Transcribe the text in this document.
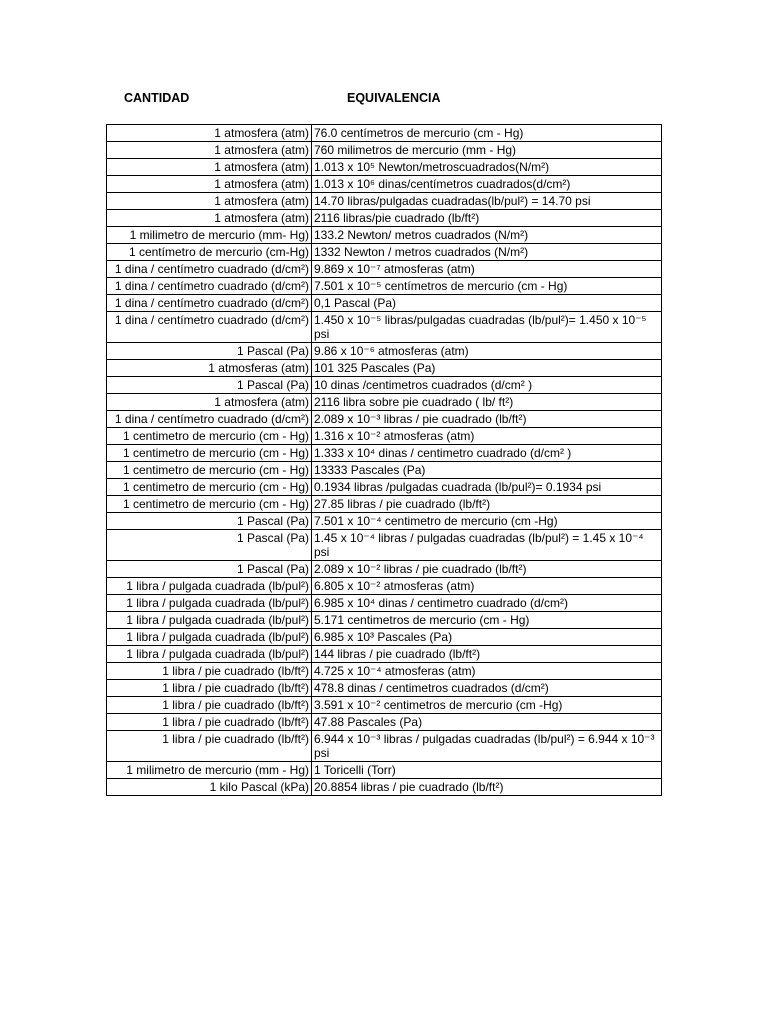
CANTIDAD	EQUIVALENCIA
1 atmosfera (atm)	76.0 centímetros de mercurio (cm - Hg)
1 atmosfera (atm)	760 milimetros de mercurio (mm - Hg)
1 atmosfera (atm)	1.013 x 10⁵ Newton/metroscuadrados(N/m²)
1 atmosfera (atm)	1.013 x 10⁶ dinas/centímetros cuadrados(d/cm²)
1 atmosfera (atm)	14.70 libras/pulgadas cuadradas(lb/pul²) = 14.70 psi
1 atmosfera (atm)	2116 libras/pie cuadrado (lb/ft²)
1 milimetro de mercurio (mm- Hg)	133.2 Newton/ metros cuadrados (N/m²)
1 centímetro de mercurio (cm-Hg)	1332 Newton / metros cuadrados (N/m²)
1 dina / centímetro cuadrado (d/cm²)	9.869 x 10⁻⁷ atmosferas (atm)
1 dina / centímetro cuadrado (d/cm²)	7.501 x 10⁻⁵ centímetros de mercurio (cm - Hg)
1 dina / centímetro cuadrado (d/cm²)	0,1 Pascal (Pa)
1 dina / centímetro cuadrado (d/cm²)	1.450 x 10⁻⁵ libras/pulgadas cuadradas (lb/pul²)= 1.450 x 10⁻⁵ psi
1 Pascal (Pa)	9.86 x 10⁻⁶ atmosferas (atm)
1 atmosferas (atm)	101 325 Pascales (Pa)
1 Pascal (Pa)	10 dinas /centimetros cuadrados (d/cm² )
1 atmosfera (atm)	2116 libra sobre pie cuadrado ( lb/ ft²)
1 dina / centímetro cuadrado (d/cm²)	2.089 x 10⁻³ libras / pie cuadrado (lb/ft²)
1 centimetro de mercurio (cm - Hg)	1.316 x 10⁻² atmosferas (atm)
1 centimetro de mercurio (cm - Hg)	1.333 x 10⁴ dinas / centimetro cuadrado (d/cm² )
1 centimetro de mercurio (cm - Hg)	13333 Pascales (Pa)
1 centimetro de mercurio (cm - Hg)	0.1934 libras /pulgadas cuadrada (lb/pul²)= 0.1934 psi
1 centimetro de mercurio (cm - Hg)	27.85 libras / pie cuadrado (lb/ft²)
1 Pascal (Pa)	7.501 x 10⁻⁴ centimetro de mercurio (cm -Hg)
1 Pascal (Pa)	1.45 x 10⁻⁴ libras / pulgadas cuadradas (lb/pul²) = 1.45 x 10⁻⁴ psi
1 Pascal (Pa)	2.089 x 10⁻² libras / pie cuadrado (lb/ft²)
1 libra / pulgada cuadrada (lb/pul²)	6.805 x 10⁻² atmosferas (atm)
1 libra / pulgada cuadrada (lb/pul²)	6.985 x 10⁴ dinas / centimetro cuadrado (d/cm²)
1 libra / pulgada cuadrada (lb/pul²)	5.171 centimetros de mercurio (cm - Hg)
1 libra / pulgada cuadrada (lb/pul²)	6.985 x 10³ Pascales (Pa)
1 libra / pulgada cuadrada (lb/pul²)	144 libras / pie cuadrado (lb/ft²)
1 libra / pie cuadrado (lb/ft²)	4.725 x 10⁻⁴ atmosferas (atm)
1 libra / pie cuadrado (lb/ft²)	478.8 dinas / centimetros cuadrados (d/cm²)
1 libra / pie cuadrado (lb/ft²)	3.591 x 10⁻² centimetros de mercurio (cm -Hg)
1 libra / pie cuadrado (lb/ft²)	47.88 Pascales (Pa)
1 libra / pie cuadrado (lb/ft²)	6.944 x 10⁻³ libras / pulgadas cuadradas (lb/pul²) = 6.944 x 10⁻³ psi
1 milimetro de mercurio (mm - Hg)	1 Toricelli (Torr)
1 kilo Pascal (kPa)	20.8854 libras / pie cuadrado (lb/ft²)
